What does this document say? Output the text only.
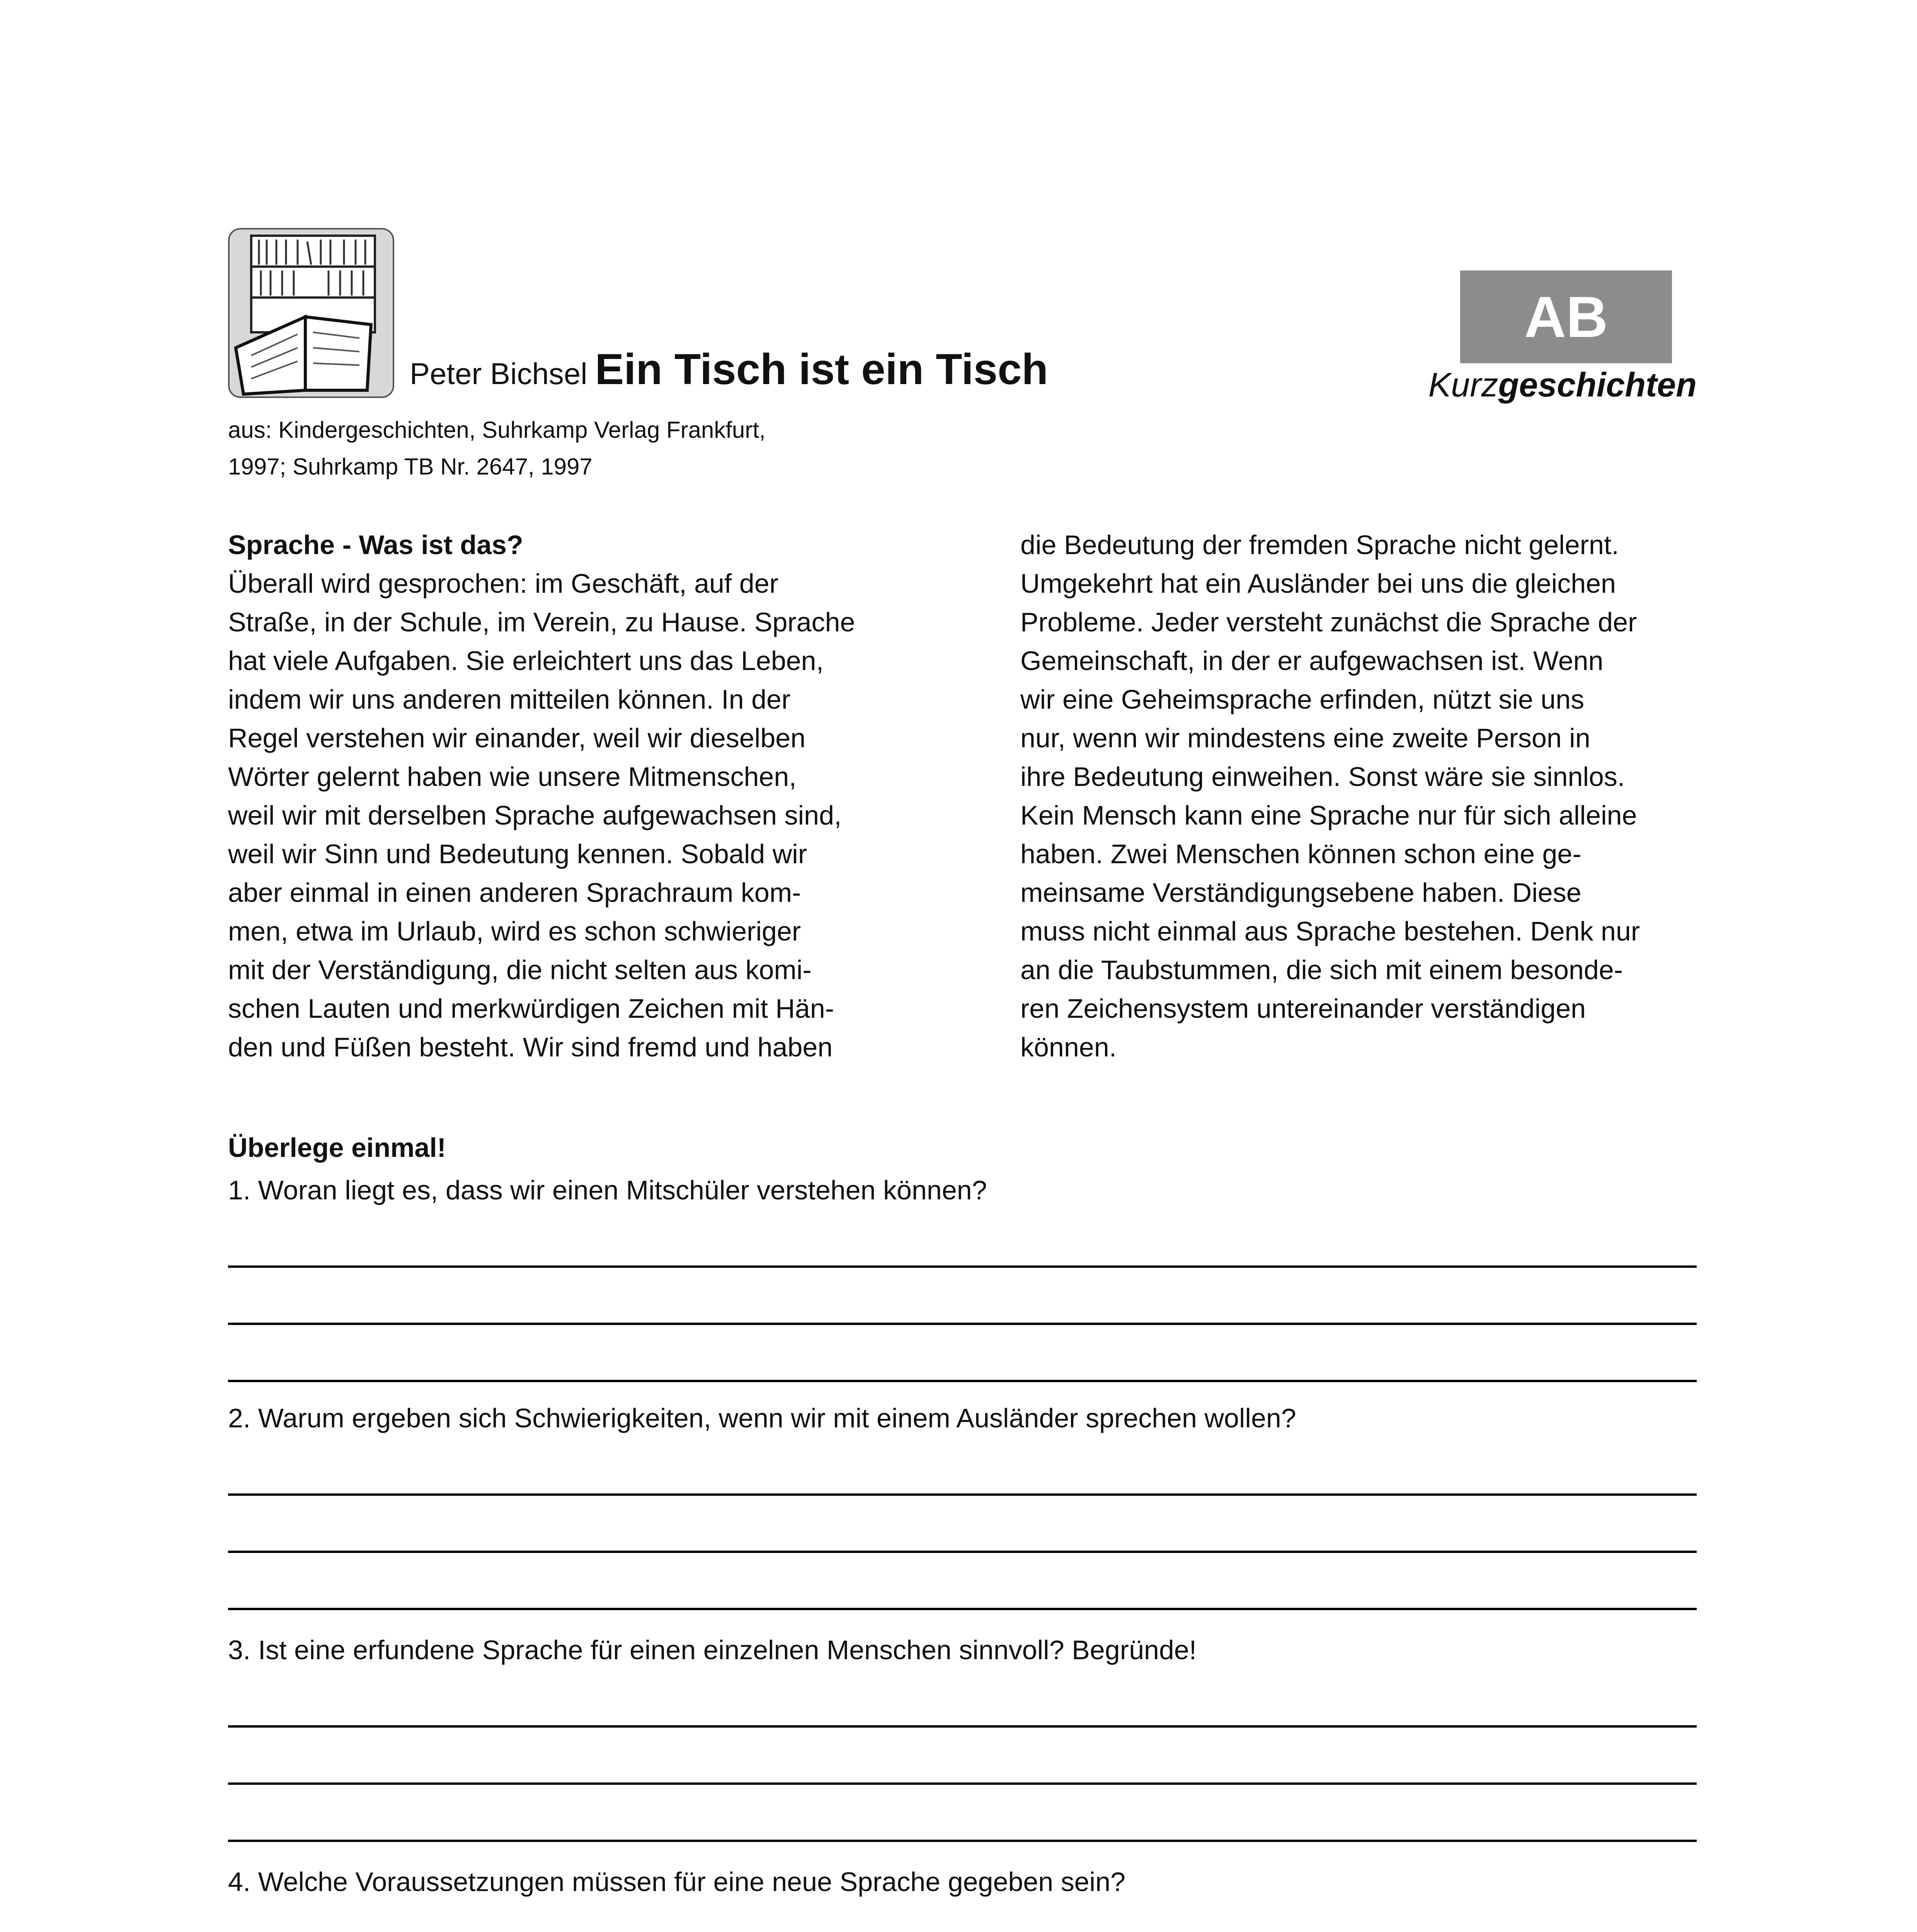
Peter Bichsel Ein Tisch ist ein Tisch
aus: Kindergeschichten, Suhrkamp Verlag Frankfurt,
1997; Suhrkamp TB Nr. 2647, 1997
AB
Kurzgeschichten
Sprache - Was ist das?
Überall wird gesprochen: im Geschäft, auf der
Straße, in der Schule, im Verein, zu Hause. Sprache
hat viele Aufgaben. Sie erleichtert uns das Leben,
indem wir uns anderen mitteilen können. In der
Regel verstehen wir einander, weil wir dieselben
Wörter gelernt haben wie unsere Mitmenschen,
weil wir mit derselben Sprache aufgewachsen sind,
weil wir Sinn und Bedeutung kennen. Sobald wir
aber einmal in einen anderen Sprachraum kom-
men, etwa im Urlaub, wird es schon schwieriger
mit der Verständigung, die nicht selten aus komi-
schen Lauten und merkwürdigen Zeichen mit Hän-
den und Füßen besteht. Wir sind fremd und haben
die Bedeutung der fremden Sprache nicht gelernt.
Umgekehrt hat ein Ausländer bei uns die gleichen
Probleme. Jeder versteht zunächst die Sprache der
Gemeinschaft, in der er aufgewachsen ist. Wenn
wir eine Geheimsprache erfinden, nützt sie uns
nur, wenn wir mindestens eine zweite Person in
ihre Bedeutung einweihen. Sonst wäre sie sinnlos.
Kein Mensch kann eine Sprache nur für sich alleine
haben. Zwei Menschen können schon eine ge-
meinsame Verständigungsebene haben. Diese
muss nicht einmal aus Sprache bestehen. Denk nur
an die Taubstummen, die sich mit einem besonde-
ren Zeichensystem untereinander verständigen
können.
Überlege einmal!
1. Woran liegt es, dass wir einen Mitschüler verstehen können?
2. Warum ergeben sich Schwierigkeiten, wenn wir mit einem Ausländer sprechen wollen?
3. Ist eine erfundene Sprache für einen einzelnen Menschen sinnvoll? Begründe!
4. Welche Voraussetzungen müssen für eine neue Sprache gegeben sein?
